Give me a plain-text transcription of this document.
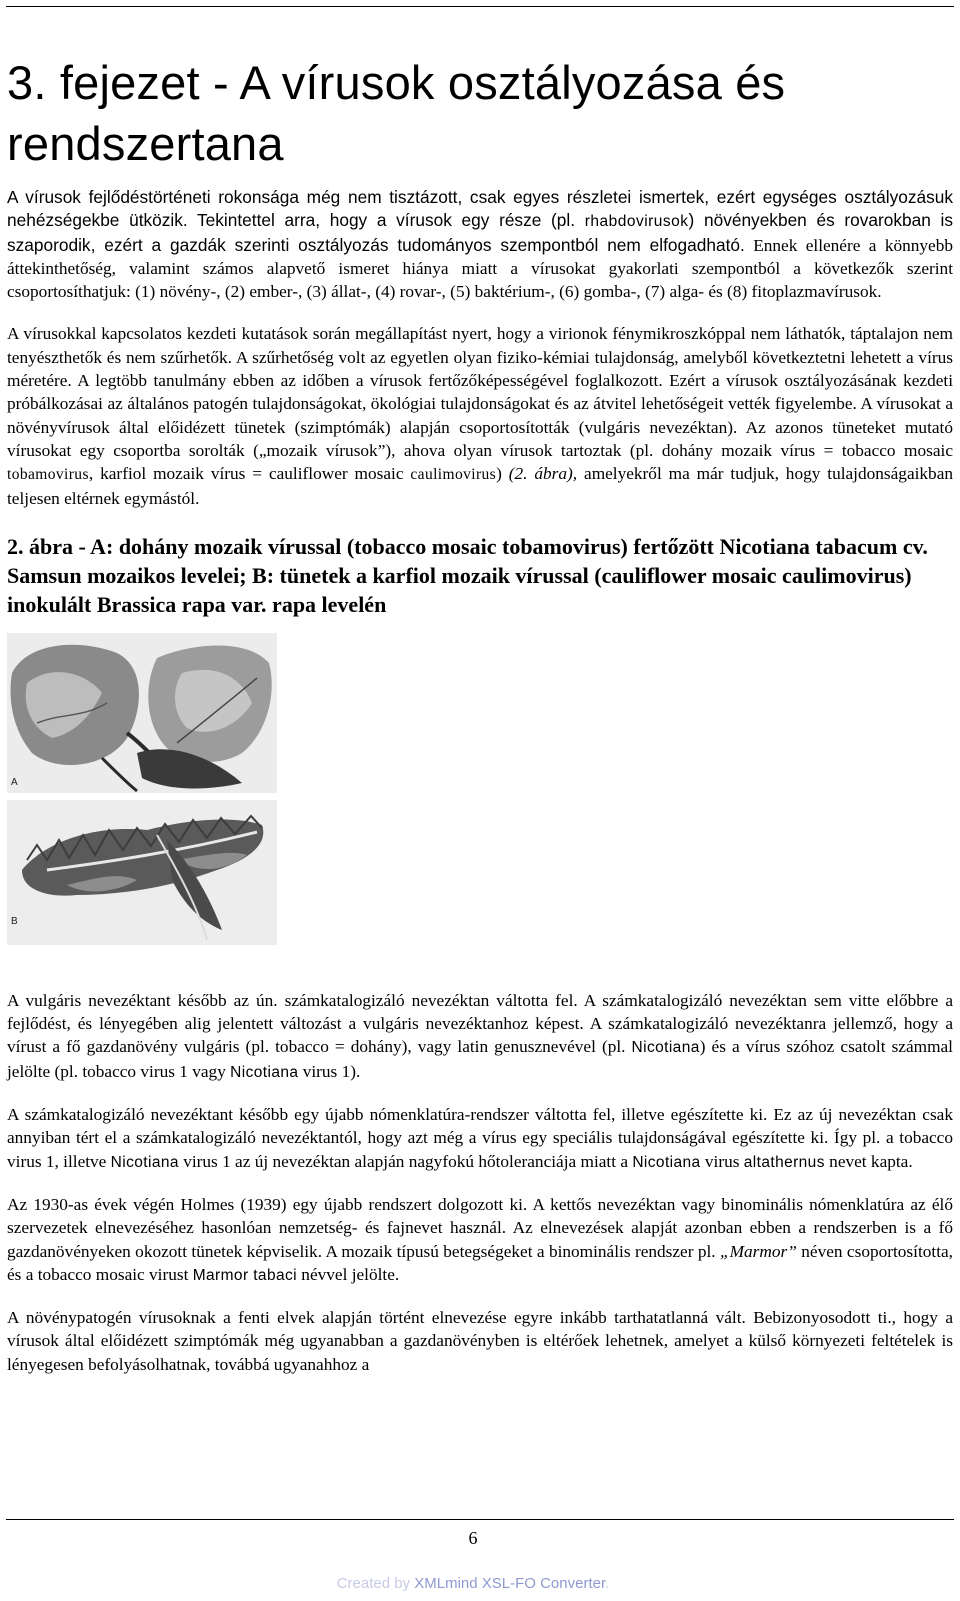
3. fejezet - A vírusok osztályozása és rendszertana

A vírusok fejlődéstörténeti rokonsága még nem tisztázott, csak egyes részletei ismertek, ezért egységes osztályozásuk nehézségekbe ütközik. Tekintettel arra, hogy a vírusok egy része (pl. rhabdovirusok) növényekben és rovarokban is szaporodik, ezért a gazdák szerinti osztályozás tudományos szempontból nem elfogadható. Ennek ellenére a könnyebb áttekinthetőség, valamint számos alapvető ismeret hiánya miatt a vírusokat gyakorlati szempontból a következők szerint csoportosíthatjuk: (1) növény-, (2) ember-, (3) állat-, (4) rovar-, (5) baktérium-, (6) gomba-, (7) alga- és (8) fitoplazmavírusok.

A vírusokkal kapcsolatos kezdeti kutatások során megállapítást nyert, hogy a virionok fénymikroszkóppal nem láthatók, táptalajon nem tenyészthetők és nem szűrhetők. A szűrhetőség volt az egyetlen olyan fiziko-kémiai tulajdonság, amelyből következtetni lehetett a vírus méretére. A legtöbb tanulmány ebben az időben a vírusok fertőzőképességével foglalkozott. Ezért a vírusok osztályozásának kezdeti próbálkozásai az általános patogén tulajdonságokat, ökológiai tulajdonságokat és az átvitel lehetőségeit vették figyelembe. A vírusokat a növényvírusok által előidézett tünetek (szimptómák) alapján csoportosították (vulgáris nevezéktan). Az azonos tüneteket mutató vírusokat egy csoportba sorolták („mozaik vírusok”), ahova olyan vírusok tartoztak (pl. dohány mozaik vírus = tobacco mosaic tobamovirus, karfiol mozaik vírus = cauliflower mosaic caulimovirus) (2. ábra), amelyekről ma már tudjuk, hogy tulajdonságaikban teljesen eltérnek egymástól.

2. ábra - A: dohány mozaik vírussal (tobacco mosaic tobamovirus) fertőzött Nicotiana tabacum cv. Samsun mozaikos levelei; B: tünetek a karfiol mozaik vírussal (cauliflower mosaic caulimovirus) inokulált Brassica rapa var. rapa levelén
A
B

A vulgáris nevezéktant később az ún. számkatalogizáló nevezéktan váltotta fel. A számkatalogizáló nevezéktan sem vitte előbbre a fejlődést, és lényegében alig jelentett változást a vulgáris nevezéktanhoz képest. A számkatalogizáló nevezéktanra jellemző, hogy a vírust a fő gazdanövény vulgáris (pl. tobacco = dohány), vagy latin genusznevével (pl. Nicotiana) és a vírus szóhoz csatolt számmal jelölte (pl. tobacco virus 1 vagy Nicotiana virus 1).

A számkatalogizáló nevezéktant később egy újabb nómenklatúra-rendszer váltotta fel, illetve egészítette ki. Ez az új nevezéktan csak annyiban tért el a számkatalogizáló nevezéktantól, hogy azt még a vírus egy speciális tulajdonságával egészítette ki. Így pl. a tobacco virus 1, illetve Nicotiana virus 1 az új nevezéktan alapján nagyfokú hőtoleranciája miatt a Nicotiana virus altathernus nevet kapta.

Az 1930-as évek végén Holmes (1939) egy újabb rendszert dolgozott ki. A kettős nevezéktan vagy binominális nómenklatúra az élő szervezetek elnevezéséhez hasonlóan nemzetség- és fajnevet használ. Az elnevezések alapját azonban ebben a rendszerben is a fő gazdanövényeken okozott tünetek képviselik. A mozaik típusú betegségeket a binominális rendszer pl. „Marmor” néven csoportosította, és a tobacco mosaic virust Marmor tabaci névvel jelölte.

A növénypatogén vírusoknak a fenti elvek alapján történt elnevezése egyre inkább tarthatatlanná vált. Bebizonyosodott ti., hogy a vírusok által előidézett szimptómák még ugyanabban a gazdanövényben is eltérőek lehetnek, amelyet a külső környezeti feltételek is lényegesen befolyásolhatnak, továbbá ugyanahhoz a

6
Created by XMLmind XSL-FO Converter.
